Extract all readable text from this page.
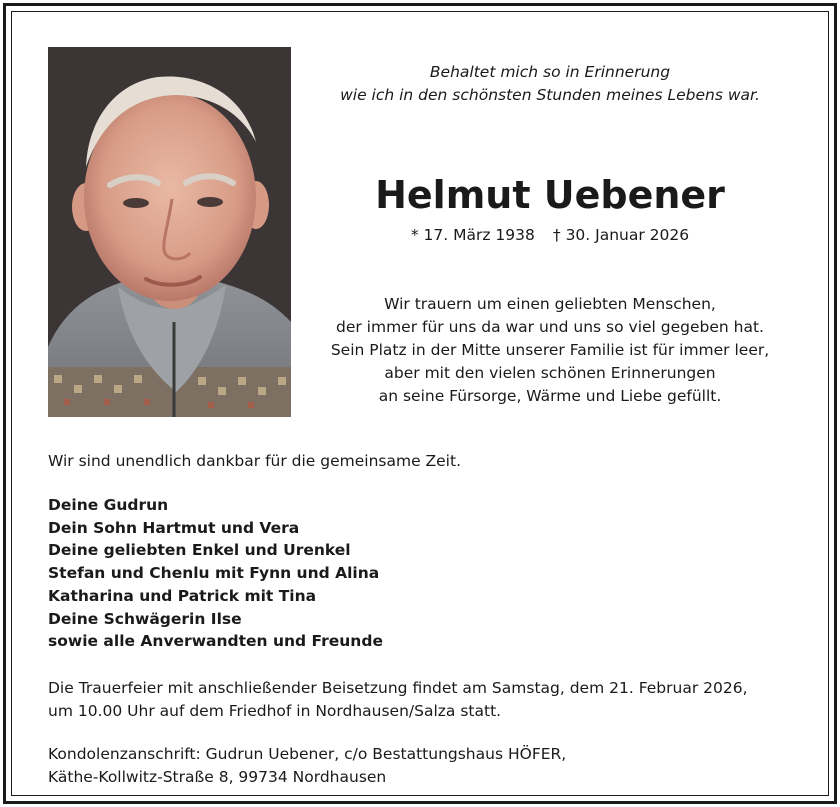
Behaltet mich so in Erinnerung
wie ich in den schönsten Stunden meines Lebens war.
Helmut Uebener
* 17. März 1938 † 30. Januar 2026
Wir trauern um einen geliebten Menschen,
der immer für uns da war und uns so viel gegeben hat.
Sein Platz in der Mitte unserer Familie ist für immer leer,
aber mit den vielen schönen Erinnerungen
an seine Fürsorge, Wärme und Liebe gefüllt.
Wir sind unendlich dankbar für die gemeinsame Zeit.
Deine Gudrun
Dein Sohn Hartmut und Vera
Deine geliebten Enkel und Urenkel
Stefan und Chenlu mit Fynn und Alina
Katharina und Patrick mit Tina
Deine Schwägerin Ilse
sowie alle Anverwandten und Freunde
Die Trauerfeier mit anschließender Beisetzung findet am Samstag, dem 21. Februar 2026,
um 10.00 Uhr auf dem Friedhof in Nordhausen/Salza statt.
Kondolenzanschrift: Gudrun Uebener, c/o Bestattungshaus HÖFER,
Käthe-Kollwitz-Straße 8, 99734 Nordhausen
